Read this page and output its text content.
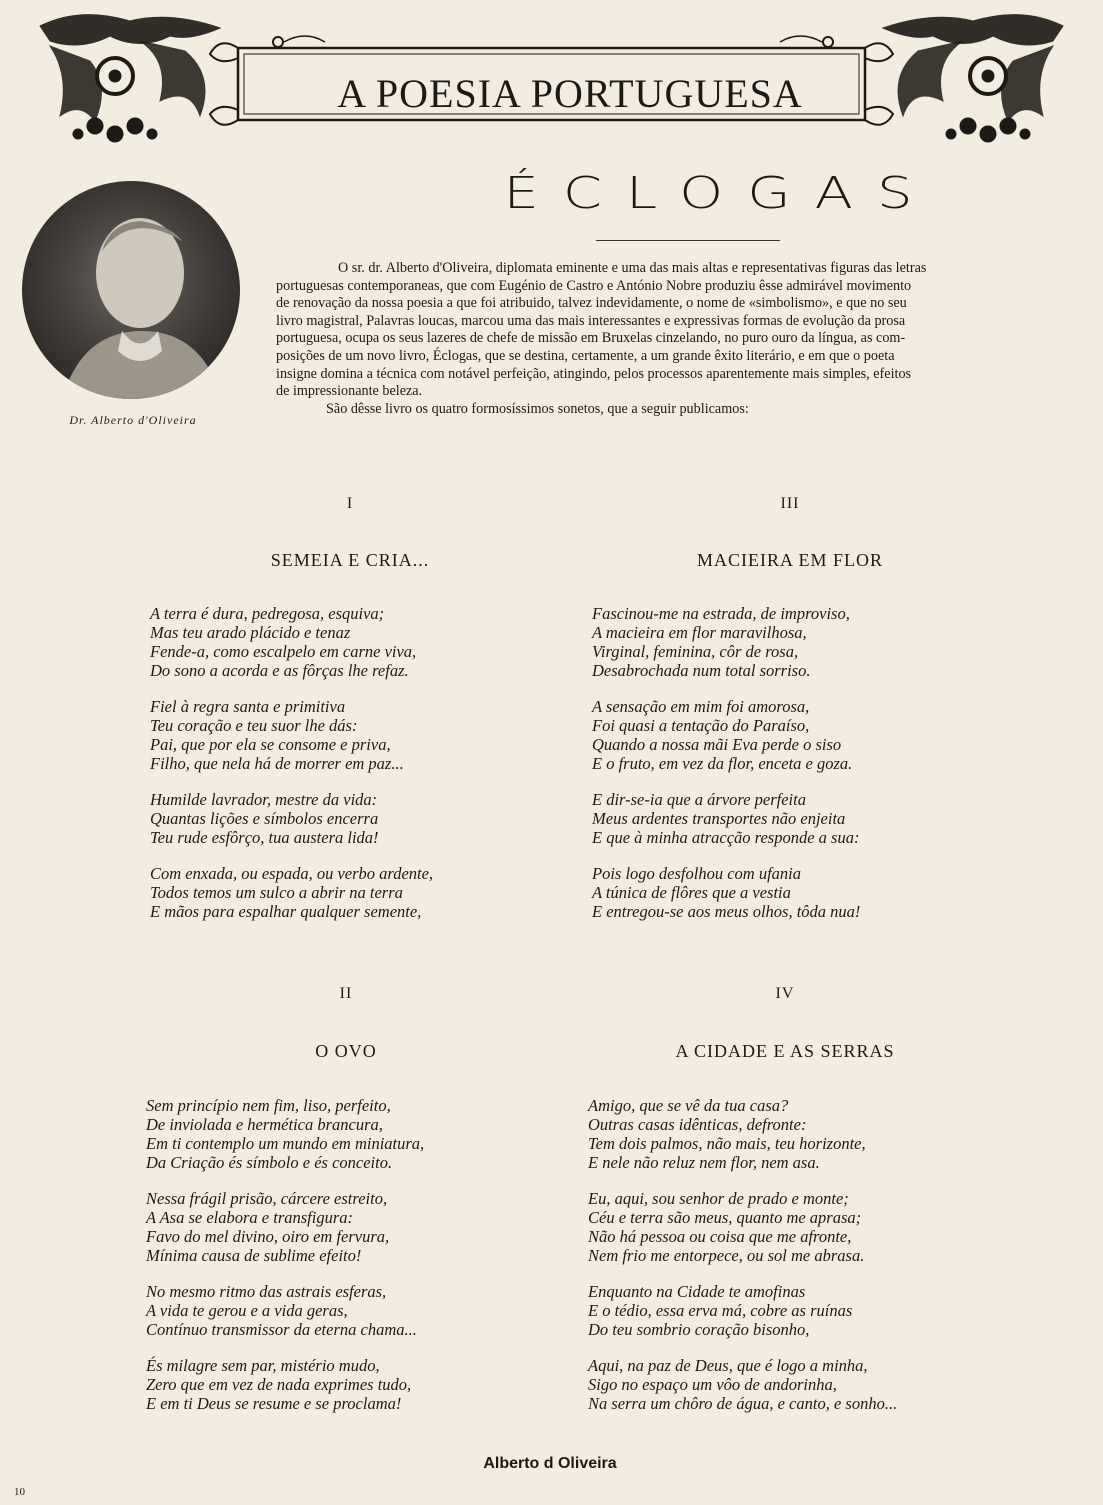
A POESIA PORTUGUESA
ÉCLOGAS
Dr. Alberto d'Oliveira
O sr. dr. Alberto d'Oliveira, diplomata eminente e uma das mais altas e representativas figuras das letras
portuguesas contemporaneas, que com Eugénio de Castro e António Nobre produziu êsse admirável movimento
de renovação da nossa poesia a que foi atribuido, talvez indevidamente, o nome de «simbolismo», e que no seu
livro magistral, Palavras loucas, marcou uma das mais interessantes e expressivas formas de evolução da prosa
portuguesa, ocupa os seus lazeres de chefe de missão em Bruxelas cinzelando, no puro ouro da língua, as com-
posições de um novo livro, Éclogas, que se destina, certamente, a um grande êxito literário, e em que o poeta
insigne domina a técnica com notável perfeição, atingindo, pelos processos aparentemente mais simples, efeitos
de impressionante beleza.
São dêsse livro os quatro formosíssimos sonetos, que a seguir publicamos:
I
SEMEIA E CRIA...
A terra é dura, pedregosa, esquiva;
Mas teu arado plácido e tenaz
Fende-a, como escalpelo em carne viva,
Do sono a acorda e as fôrças lhe refaz.
Fiel à regra santa e primitiva
Teu coração e teu suor lhe dás:
Pai, que por ela se consome e priva,
Filho, que nela há de morrer em paz...
Humilde lavrador, mestre da vida:
Quantas lições e símbolos encerra
Teu rude esfôrço, tua austera lida!
Com enxada, ou espada, ou verbo ardente,
Todos temos um sulco a abrir na terra
E mãos para espalhar qualquer semente,
III
MACIEIRA EM FLOR
Fascinou-me na estrada, de improviso,
A macieira em flor maravilhosa,
Virginal, feminina, côr de rosa,
Desabrochada num total sorriso.
A sensação em mim foi amorosa,
Foi quasi a tentação do Paraíso,
Quando a nossa mãi Eva perde o siso
E o fruto, em vez da flor, enceta e goza.
E dir-se-ia que a árvore perfeita
Meus ardentes transportes não enjeita
E que à minha atracção responde a sua:
Pois logo desfolhou com ufania
A túnica de flôres que a vestia
E entregou-se aos meus olhos, tôda nua!
II
O OVO
Sem princípio nem fim, liso, perfeito,
De inviolada e hermética brancura,
Em ti contemplo um mundo em miniatura,
Da Criação és símbolo e és conceito.
Nessa frágil prisão, cárcere estreito,
A Asa se elabora e transfigura:
Favo do mel divino, oiro em fervura,
Mínima causa de sublime efeito!
No mesmo ritmo das astrais esferas,
A vida te gerou e a vida geras,
Contínuo transmissor da eterna chama...
És milagre sem par, mistério mudo,
Zero que em vez de nada exprimes tudo,
E em ti Deus se resume e se proclama!
IV
A CIDADE E AS SERRAS
Amigo, que se vê da tua casa?
Outras casas idênticas, defronte:
Tem dois palmos, não mais, teu horizonte,
E nele não reluz nem flor, nem asa.
Eu, aqui, sou senhor de prado e monte;
Céu e terra são meus, quanto me aprasa;
Não há pessoa ou coisa que me afronte,
Nem frio me entorpece, ou sol me abrasa.
Enquanto na Cidade te amofinas
E o tédio, essa erva má, cobre as ruínas
Do teu sombrio coração bisonho,
Aqui, na paz de Deus, que é logo a minha,
Sigo no espaço um vôo de andorinha,
Na serra um chôro de água, e canto, e sonho...
Alberto d Oliveira
10
